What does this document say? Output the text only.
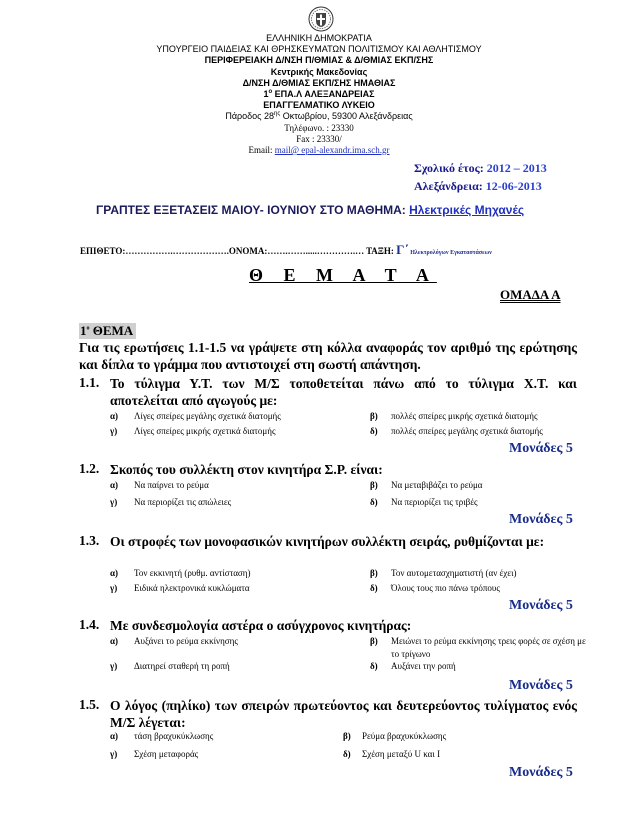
ΕΛΛΗΝΙΚΗ ΔΗΜΟΚΡΑΤΙΑ
ΥΠΟΥΡΓΕΙΟ ΠΑΙΔΕΙΑΣ ΚΑΙ ΘΡΗΣΚΕΥΜΑΤΩΝ ΠΟΛΙΤΙΣΜΟΥ ΚΑΙ ΑΘΛΗΤΙΣΜΟΥ
ΠΕΡΙΦΕΡΕΙΑΚΗ Δ/ΝΣΗ Π/ΘΜΙΑΣ & Δ/ΘΜΙΑΣ ΕΚΠ/ΣΗΣ
Κεντρικής Μακεδονίας
Δ/ΝΣΗ Δ/ΘΜΙΑΣ ΕΚΠ/ΣΗΣ ΗΜΑΘΙΑΣ
$1^o$ ΕΠΑ.Λ ΑΛΕΞΑΝΔΡΕΙΑΣ
ΕΠΑΓΓΕΛΜΑΤΙΚΟ ΛΥΚΕΙΟ
Πάροδος $28^{\eta\varsigma}$ Οκτωβρίου, 59300 Αλεξάνδρειας
Τηλέφωνο. : 23330
Fax : 23330/
Email: mail@ epal-alexandr.ima.sch.gr
Σχολικό έτος: 2012 – 2013
Αλεξάνδρεια: 12-06-2013
ΓΡΑΠΤΕΣ ΕΞΕΤΑΣΕΙΣ ΜΑΙΟΥ- ΙΟΥΝΙΟΥ ΣΤΟ ΜΑΘΗΜΑ: Ηλεκτρικές Μηχανές
ΕΠΙΘΕΤΟ:…………….……………….ΟΝΟΜΑ:…….…….....………….… ΤΑΞΗ: Γ΄ Ηλεκτρολόγων Εγκαταστάσεων
Θ Ε Μ Α Τ Α
ΟΜΑΔΑ Α
$1^o$ ΘΕΜΑ
Για τις ερωτήσεις 1.1-1.5 να γράψετε στη κόλλα αναφοράς τον αριθμό της ερώτησης και δίπλα το γράμμα που αντιστοιχεί στη σωστή απάντηση.
1.1. Το τύλιγμα Υ.Τ. των Μ/Σ τοποθετείται πάνω από το τύλιγμα Χ.Τ. και αποτελείται από αγωγούς με:
α) Λίγες σπείρες μεγάλης σχετικά διατομής	β) πολλές σπείρες μικρής σχετικά διατομής
γ) Λίγες σπείρες μικρής σχετικά διατομής	δ) πολλές σπείρες μεγάλης σχετικά διατομής
Μονάδες 5
1.2. Σκοπός του συλλέκτη στον κινητήρα Σ.Ρ. είναι:
α) Να παίρνει το ρεύμα	β) Να μεταβιβάζει το ρεύμα
γ) Να περιορίζει τις απώλειες	δ) Να περιορίζει τις τριβές
Μονάδες 5
1.3. Οι στροφές των μονοφασικών κινητήρων συλλέκτη σειράς, ρυθμίζονται με:
α) Τον εκκινητή (ρυθμ. αντίσταση)	β) Τον αυτομετασχηματιστή (αν έχει)
γ) Ειδικά ηλεκτρονικά κυκλώματα	δ) Όλους τους πιο πάνω τρόπους
Μονάδες 5
1.4. Με συνδεσμολογία αστέρα ο ασύγχρονος κινητήρας:
α) Αυξάνει το ρεύμα εκκίνησης	β) Μειώνει το ρεύμα εκκίνησης τρεις φορές σε σχέση με το τρίγωνο
γ) Διατηρεί σταθερή τη ροπή	δ) Αυξάνει την ροπή
Μονάδες 5
1.5. Ο λόγος (πηλίκο) των σπειρών πρωτεύοντος και δευτερεύοντος τυλίγματος ενός Μ/Σ λέγεται:
α) τάση βραχυκύκλωσης	β) Ρεύμα βραχυκύκλωσης
γ) Σχέση μεταφοράς	δ) Σχέση μεταξύ U και I
Μονάδες 5
